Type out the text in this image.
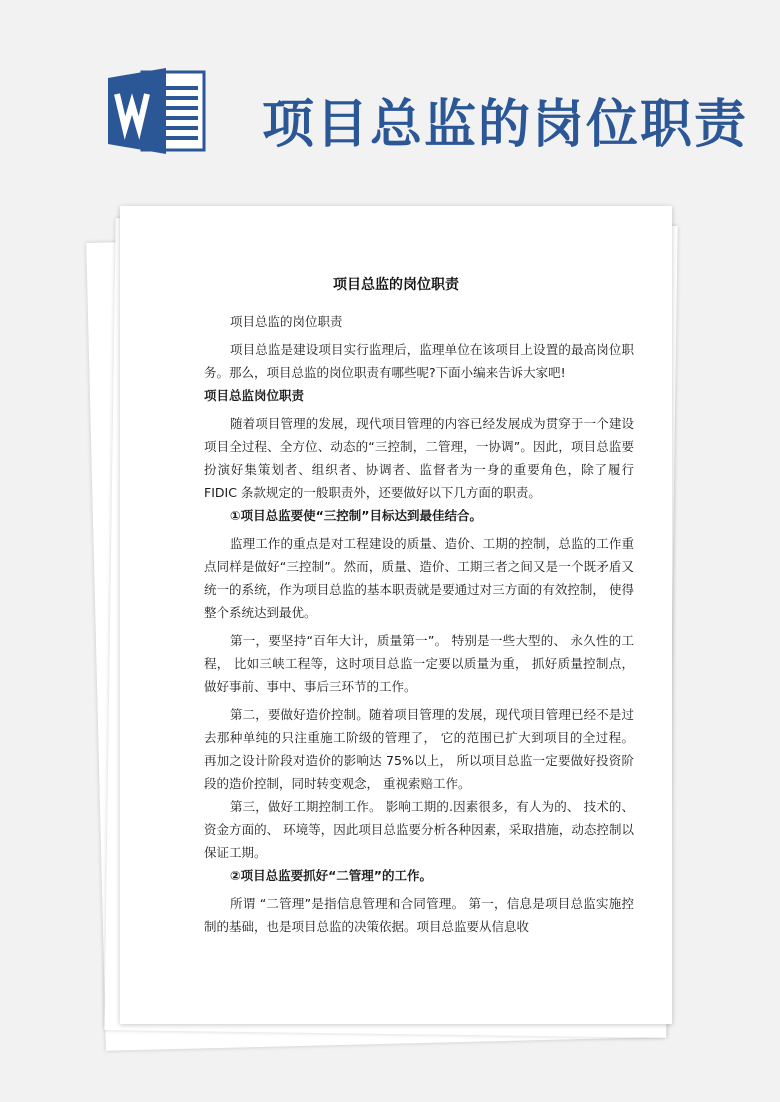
项目总监的岗位职责
项目总监的岗位职责

项目总监的岗位职责

项目总监是建设项目实行监理后，监理单位在该项目上设置的最高岗位职务。那么，项目总监的岗位职责有哪些呢?下面小编来告诉大家吧!

项目总监岗位职责

随着项目管理的发展，现代项目管理的内容已经发展成为贯穿于一个建设项目全过程、全方位、动态的“三控制，二管理，一协调”。因此，项目总监要扮演好集策划者、组织者、协调者、监督者为一身的重要角色，除了履行 FIDIC 条款规定的一般职责外，还要做好以下几方面的职责。

①项目总监要使“三控制”目标达到最佳结合。

监理工作的重点是对工程建设的质量、造价、工期的控制，总监的工作重点同样是做好“三控制”。然而，质量、造价、工期三者之间又是一个既矛盾又统一的系统，作为项目总监的基本职责就是要通过对三方面的有效控制， 使得整个系统达到最优。

第一，要坚持“百年大计，质量第一”。 特别是一些大型的、 永久性的工程， 比如三峡工程等，这时项目总监一定要以质量为重， 抓好质量控制点，做好事前、事中、事后三环节的工作。

第二，要做好造价控制。随着项目管理的发展，现代项目管理已经不是过去那种单纯的只注重施工阶级的管理了， 它的范围已扩大到项目的全过程。 再加之设计阶段对造价的影响达 75%以上， 所以项目总监一定要做好投资阶段的造价控制，同时转变观念， 重视索赔工作。

第三，做好工期控制工作。 影响工期的.因素很多，有人为的、 技术的、 资金方面的、 环境等，因此项目总监要分析各种因素，采取措施，动态控制以保证工期。

②项目总监要抓好“二管理”的工作。

所谓 “二管理”是指信息管理和合同管理。 第一，信息是项目总监实施控制的基础，也是项目总监的决策依据。项目总监要从信息收
